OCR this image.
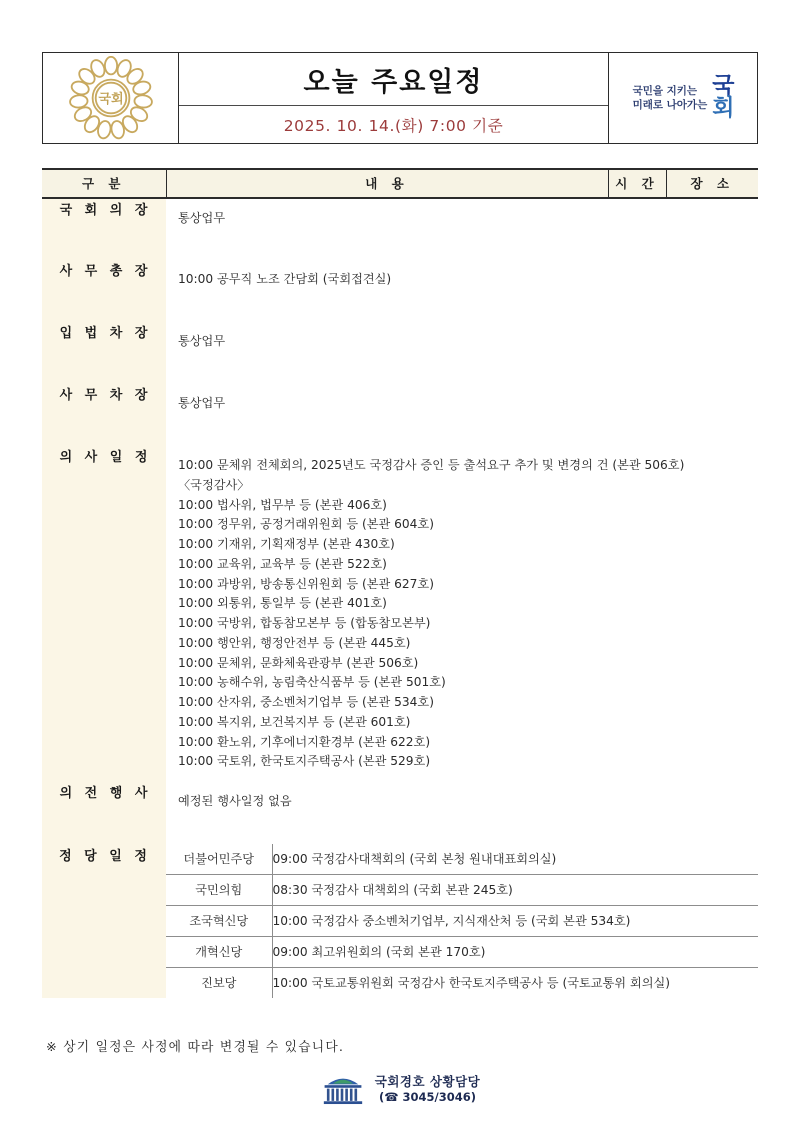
국회
오늘 주요일정
2025. 10. 14.(화) 7:00 기준
국민을 지키는
미래로 나아가는
국
회
구 분	내 용	시 간	장 소
국 회 의 장	통상업무

사 무 총 장	10:00 공무직 노조 간담회 (국회접견실)

입 법 차 장	통상업무

사 무 차 장	통상업무

의 사 일 정	10:00 문체위 전체회의, 2025년도 국정감사 증인 등 출석요구 추가 및 변경의 건 (본관 506호)
〈국정감사〉
10:00 법사위, 법무부 등 (본관 406호)
10:00 정무위, 공정거래위원회 등 (본관 604호)
10:00 기재위, 기획재정부 (본관 430호)
10:00 교육위, 교육부 등 (본관 522호)
10:00 과방위, 방송통신위원회 등 (본관 627호)
10:00 외통위, 통일부 등 (본관 401호)
10:00 국방위, 합동참모본부 등 (합동참모본부)
10:00 행안위, 행정안전부 등 (본관 445호)
10:00 문체위, 문화체육관광부 (본관 506호)
10:00 농해수위, 농림축산식품부 등 (본관 501호)
10:00 산자위, 중소벤처기업부 등 (본관 534호)
10:00 복지위, 보건복지부 등 (본관 601호)
10:00 환노위, 기후에너지환경부 (본관 622호)
10:00 국토위, 한국토지주택공사 (본관 529호)

의 전 행 사	예정된 행사일정 없음

정 당 일 정		더불어민주당	09:00 국정감사대책회의 (국회 본청 원내대표회의실)
국민의힘	08:30 국정감사 대책회의 (국회 본관 245호)
조국혁신당	10:00 국정감사 중소벤처기업부, 지식재산처 등 (국회 본관 534호)
개혁신당	09:00 최고위원회의 (국회 본관 170호)
진보당	10:00 국토교통위원회 국정감사 한국토지주택공사 등 (국토교통위 회의실)
※ 상기 일정은 사정에 따라 변경될 수 있습니다.
국회경호 상황담당
(☎ 3045/3046)
